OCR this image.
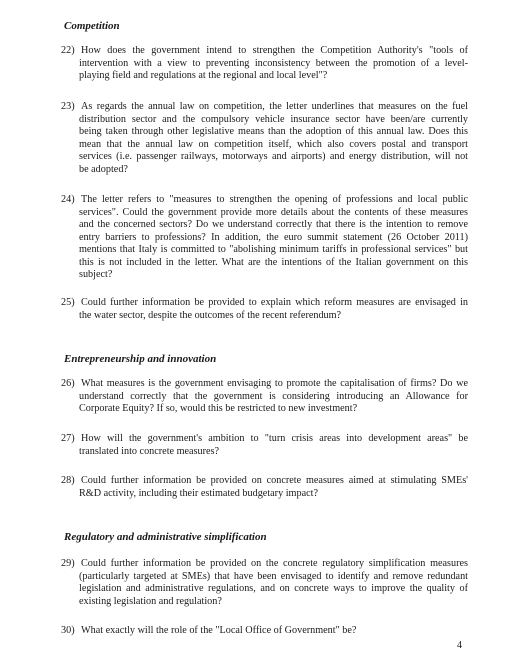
Competition
22) How does the government intend to strengthen the Competition Authority's "tools of
intervention with a view to preventing inconsistency between the promotion of a level-
playing field and regulations at the regional and local level"?
23) As regards the annual law on competition, the letter underlines that measures on the fuel
distribution sector and the compulsory vehicle insurance sector have been/are currently
being taken through other legislative means than the adoption of this annual law. Does this
mean that the annual law on competition itself, which also covers postal and transport
services (i.e. passenger railways, motorways and airports) and energy distribution, will not
be adopted?
24) The letter refers to "measures to strengthen the opening of professions and local public
services". Could the government provide more details about the contents of these measures
and the concerned sectors? Do we understand correctly that there is the intention to remove
entry barriers to professions? In addition, the euro summit statement (26 October 2011)
mentions that Italy is committed to "abolishing minimum tariffs in professional services" but
this is not included in the letter. What are the intentions of the Italian government on this
subject?
25) Could further information be provided to explain which reform measures are envisaged in
the water sector, despite the outcomes of the recent referendum?
Entrepreneurship and innovation
26) What measures is the government envisaging to promote the capitalisation of firms? Do we
understand correctly that the government is considering introducing an Allowance for
Corporate Equity? If so, would this be restricted to new investment?
27) How will the government's ambition to "turn crisis areas into development areas" be
translated into concrete measures?
28) Could further information be provided on concrete measures aimed at stimulating SMEs'
R&D activity, including their estimated budgetary impact?
Regulatory and administrative simplification
29) Could further information be provided on the concrete regulatory simplification measures
(particularly targeted at SMEs) that have been envisaged to identify and remove redundant
legislation and administrative regulations, and on concrete ways to improve the quality of
existing legislation and regulation?
30) What exactly will the role of the "Local Office of Government" be?
4
